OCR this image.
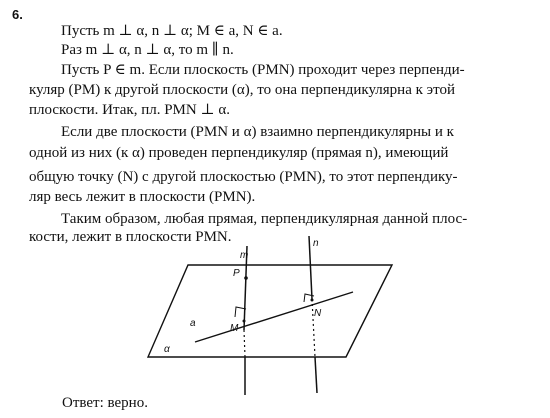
6.
Пусть m ⊥ α, n ⊥ α; M ∈ a, N ∈ a.
Раз m ⊥ α, n ⊥ α, то m ∥ n.
Пусть P ∈ m. Если плоскость (PMN) проходит через перпенди-
куляр (PM) к другой плоскости (α), то она перпендикулярна к этой
плоскости. Итак, пл. PMN ⊥ α.
Если две плоскости (PMN и α) взаимно перпендикулярны и к
одной из них (к α) проведен перпендикуляр (прямая n), имеющий
общую точку (N) с другой плоскостью (PMN), то этот перпендику-
ляр весь лежит в плоскости (PMN).
Таким образом, любая прямая, перпендикулярная данной плос-
кости, лежит в плоскости PMN.
m
n
P
a	M
N
α
Ответ: верно.
